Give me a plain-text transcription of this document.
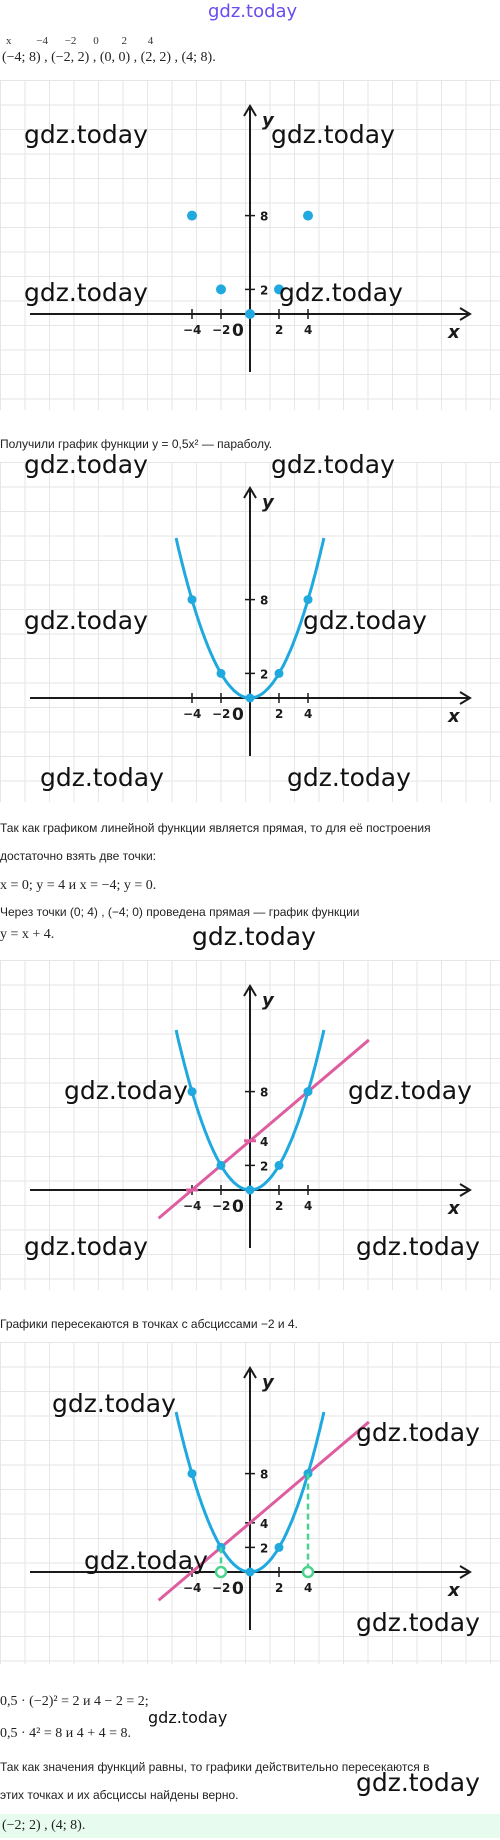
gdz.today
x −4 −2 0 2 4
(−4; 8) , (−2, 2) , (0, 0) , (2, 2) , (4; 8).
x
y
0
−4 −2	2 4
2
8
Получили график функции y = 0,5x² — параболу.
x
y
0
−4 −2	2 4
2
8
Так как графиком линейной функции является прямая, то для её построения
достаточно взять две точки:
x = 0; y = 4 и x = −4; y = 0.
Через точки (0; 4) , (−4; 0) проведена прямая — график функции
y = x + 4.
x
y
0
−4 −2	2 4
2
4
8
Графики пересекаются в точках с абсциссами −2 и 4.
x
y
0
−4 −2	2 4
2
4
8
0,5 · (−2)² = 2 и 4 − 2 = 2;
0,5 · 4² = 8 и 4 + 4 = 8.
Так как значения функций равны, то графики действительно пересекаются в
этих точках и их абсциссы найдены верно.
(−2; 2) , (4; 8).
gdz.today	gdz.today
gdz.today	gdz.today
gdz.today	gdz.today
gdz.today	gdz.today
gdz.today	gdz.today
gdz.today
gdz.today	gdz.today
gdz.today	gdz.today
gdz.today
gdz.today
gdz.today
gdz.today
gdz.today
gdz.today
